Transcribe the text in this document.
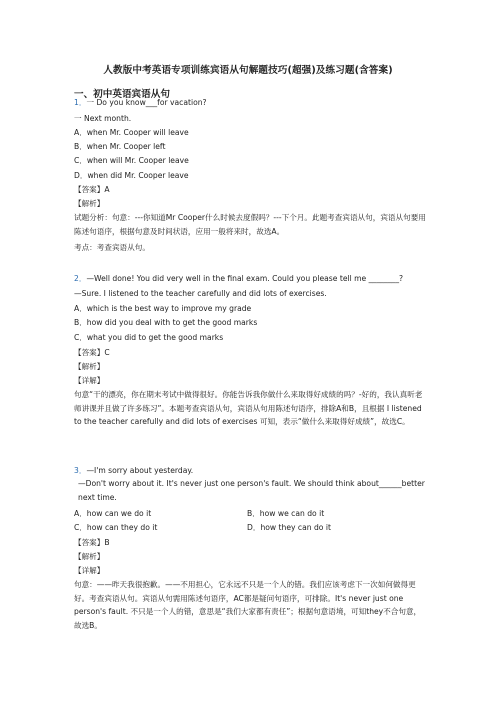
人教版中考英语专项训练宾语从句解题技巧(超强)及练习题(含答案)
一、初中英语宾语从句
1．一 Do you know___for vacation?
一 Next month.
A．when Mr. Cooper will leave
B．when Mr. Cooper left
C．when will Mr. Cooper leave
D．when did Mr. Cooper leave
【答案】A
【解析】
试题分析：句意：---你知道Mr Cooper什么时候去度假吗？---下个月。此题考查宾语从句，宾语从句要用陈述句语序，根据句意及时间状语，应用一般将来时，故选A。
考点：考查宾语从句。
2．—Well done! You did very well in the final exam. Could you please tell me ________?
—Sure. I listened to the teacher carefully and did lots of exercises.
A．which is the best way to improve my grade
B．how did you deal with to get the good marks
C．what you did to get the good marks
【答案】C
【解析】
【详解】
句意“干的漂亮，你在期末考试中做得很好。你能告诉我你做什么来取得好成绩的吗？-好的，我认真听老师讲课并且做了许多练习”。本题考查宾语从句，宾语从句用陈述句语序，排除A和B，且根据 I listened to the teacher carefully and did lots of exercises 可知，表示“做什么来取得好成绩”，故选C。
3．—I'm sorry about yesterday.
—Don't worry about it. It's never just one person's fault. We should think about______better next time.
A．how can we do it	B．how we can do it
C．how can they do it	D．how they can do it
【答案】B
【解析】
【详解】
句意：——昨天我很抱歉。——不用担心，它永远不只是一个人的错。我们应该考虑下一次如何做得更好。考查宾语从句。宾语从句需用陈述句语序，AC都是疑问句语序，可排除。It's never just one person's fault. 不只是一个人的错，意思是“我们大家都有责任”；根据句意语境，可知they不合句意，故选B。
